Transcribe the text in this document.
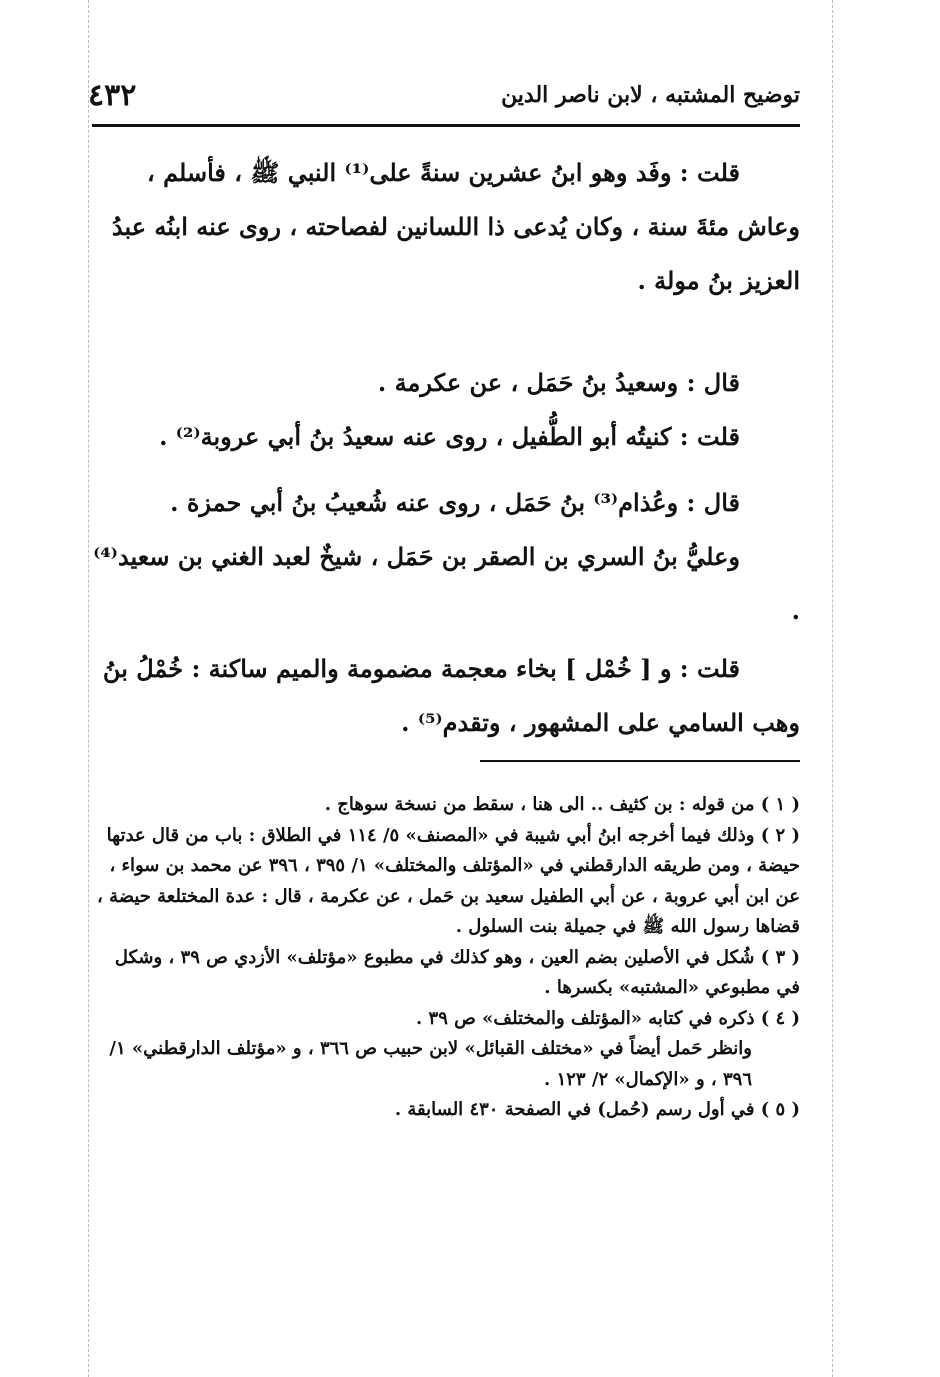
٤٣٢	توضيح المشتبه ، لابن ناصر الدين

قلت : وفَد وهو ابنُ عشرين سنةً على⁽¹⁾ النبي ﷺ ، فأسلم ، وعاش مئةَ سنة ، وكان يُدعى ذا اللسانين لفصاحته ، روى عنه ابنُه عبدُ العزيز بنُ مولة .

قال : وسعيدُ بنُ حَمَل ، عن عكرمة .

قلت : كنيتُه أبو الطُّفيل ، روى عنه سعيدُ بنُ أبي عروبة⁽²⁾ .

قال : وعُذام⁽³⁾ بنُ حَمَل ، روى عنه شُعيبُ بنُ أبي حمزة .

وعليُّ بنُ السري بن الصقر بن حَمَل ، شيخٌ لعبد الغني بن سعيد⁽⁴⁾ .

قلت : و [ خُمْل ] بخاء معجمة مضمومة والميم ساكنة : خُمْلُ بنُ وهب السامي على المشهور ، وتقدم⁽⁵⁾ .

( ١ ) من قوله : بن كثيف .. الى هنا ، سقط من نسخة سوهاج .

( ٢ ) وذلك فيما أخرجه ابنُ أبي شيبة في «المصنف» ٥/ ١١٤ في الطلاق : باب من قال عدتها حيضة ، ومن طريقه الدارقطني في «المؤتلف والمختلف» ١/ ٣٩٥ ، ٣٩٦ عن محمد بن سواء ، عن ابن أبي عروبة ، عن أبي الطفيل سعيد بن حَمل ، عن عكرمة ، قال : عدة المختلعة حيضة ، قضاها رسول الله ﷺ في جميلة بنت السلول .

( ٣ ) شُكل في الأصلين بضم العين ، وهو كذلك في مطبوع «مؤتلف» الأزدي ص ٣٩ ، وشكل في مطبوعي «المشتبه» بكسرها .

( ٤ ) ذكره في كتابه «المؤتلف والمختلف» ص ٣٩ .

وانظر حَمل أيضاً في «مختلف القبائل» لابن حبيب ص ٣٦٦ ، و «مؤتلف الدارقطني» ١/ ٣٩٦ ، و «الإكمال» ٢/ ١٢٣ .

( ٥ ) في أول رسم (حُمل) في الصفحة ٤٣٠ السابقة .
